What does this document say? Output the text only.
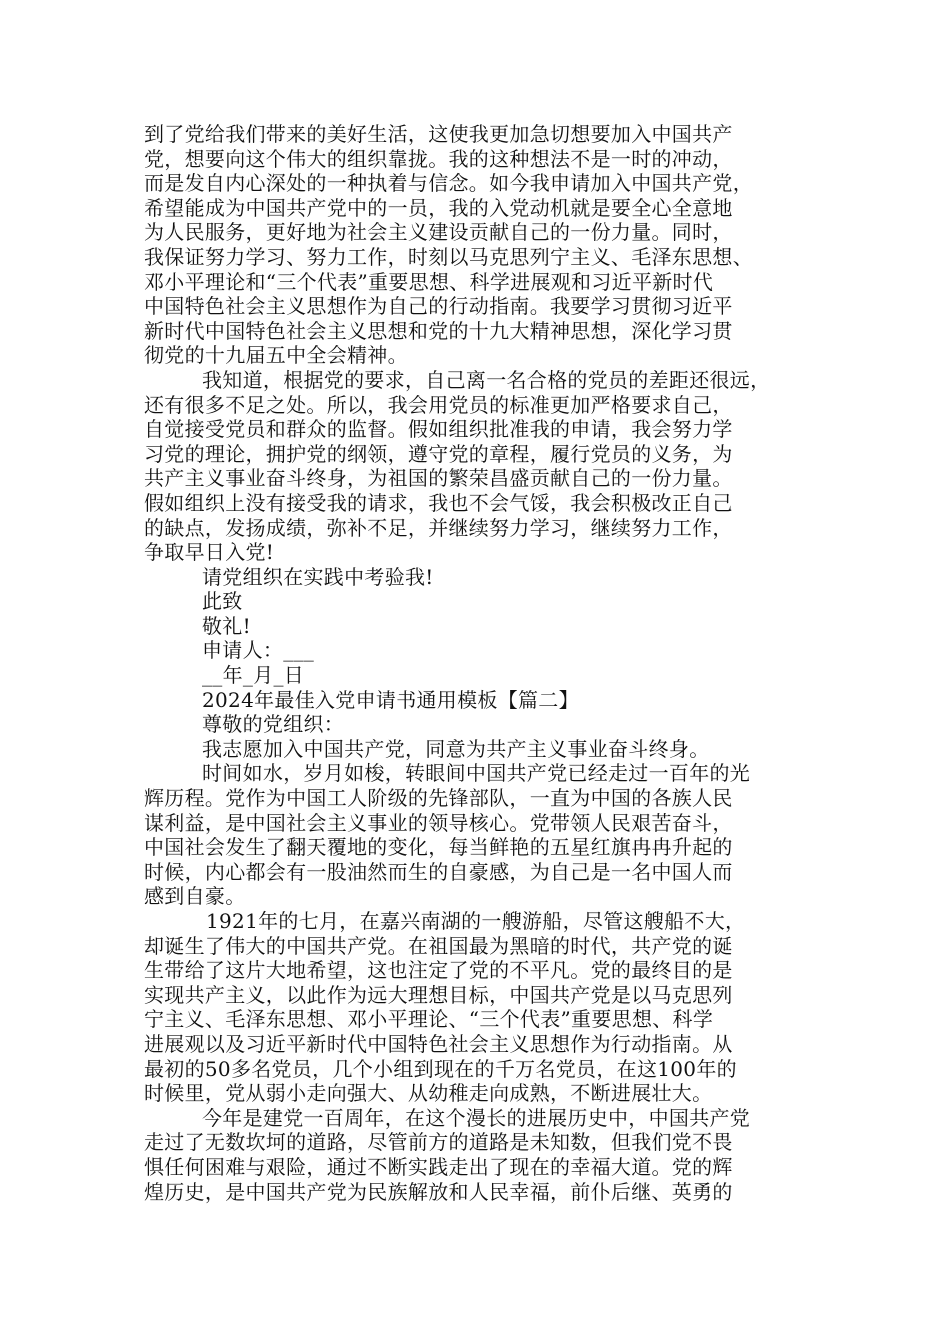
到了党给我们带来的美好生活，这使我更加急切想要加入中国共产
党，想要向这个伟大的组织靠拢。我的这种想法不是一时的冲动，
而是发自内心深处的一种执着与信念。如今我申请加入中国共产党，
希望能成为中国共产党中的一员，我的入党动机就是要全心全意地
为人民服务，更好地为社会主义建设贡献自己的一份力量。同时，
我保证努力学习、努力工作，时刻以马克思列宁主义、毛泽东思想、
邓小平理论和“三个代表”重要思想、科学进展观和习近平新时代
中国特色社会主义思想作为自己的行动指南。我要学习贯彻习近平
新时代中国特色社会主义思想和党的十九大精神思想，深化学习贯
彻党的十九届五中全会精神。
我知道，根据党的要求，自己离一名合格的党员的差距还很远，
还有很多不足之处。所以，我会用党员的标准更加严格要求自己，
自觉接受党员和群众的监督。假如组织批准我的申请，我会努力学
习党的理论，拥护党的纲领，遵守党的章程，履行党员的义务，为
共产主义事业奋斗终身，为祖国的繁荣昌盛贡献自己的一份力量。
假如组织上没有接受我的请求，我也不会气馁，我会积极改正自己
的缺点，发扬成绩，弥补不足，并继续努力学习，继续努力工作，
争取早日入党!
请党组织在实践中考验我!
此致
敬礼!
申请人：___
__年_月_日
2024年最佳入党申请书通用模板【篇二】
尊敬的党组织：
我志愿加入中国共产党，同意为共产主义事业奋斗终身。
时间如水，岁月如梭，转眼间中国共产党已经走过一百年的光
辉历程。党作为中国工人阶级的先锋部队，一直为中国的各族人民
谋利益，是中国社会主义事业的领导核心。党带领人民艰苦奋斗，
中国社会发生了翻天覆地的变化，每当鲜艳的五星红旗冉冉升起的
时候，内心都会有一股油然而生的自豪感，为自己是一名中国人而
感到自豪。
1921年的七月，在嘉兴南湖的一艘游船，尽管这艘船不大，
却诞生了伟大的中国共产党。在祖国最为黑暗的时代，共产党的诞
生带给了这片大地希望，这也注定了党的不平凡。党的最终目的是
实现共产主义，以此作为远大理想目标，中国共产党是以马克思列
宁主义、毛泽东思想、邓小平理论、“三个代表”重要思想、科学
进展观以及习近平新时代中国特色社会主义思想作为行动指南。从
最初的50多名党员，几个小组到现在的千万名党员，在这100年的
时候里，党从弱小走向强大、从幼稚走向成熟，不断进展壮大。
今年是建党一百周年，在这个漫长的进展历史中，中国共产党
走过了无数坎坷的道路，尽管前方的道路是未知数，但我们党不畏
惧任何困难与艰险，通过不断实践走出了现在的幸福大道。党的辉
煌历史，是中国共产党为民族解放和人民幸福，前仆后继、英勇的
